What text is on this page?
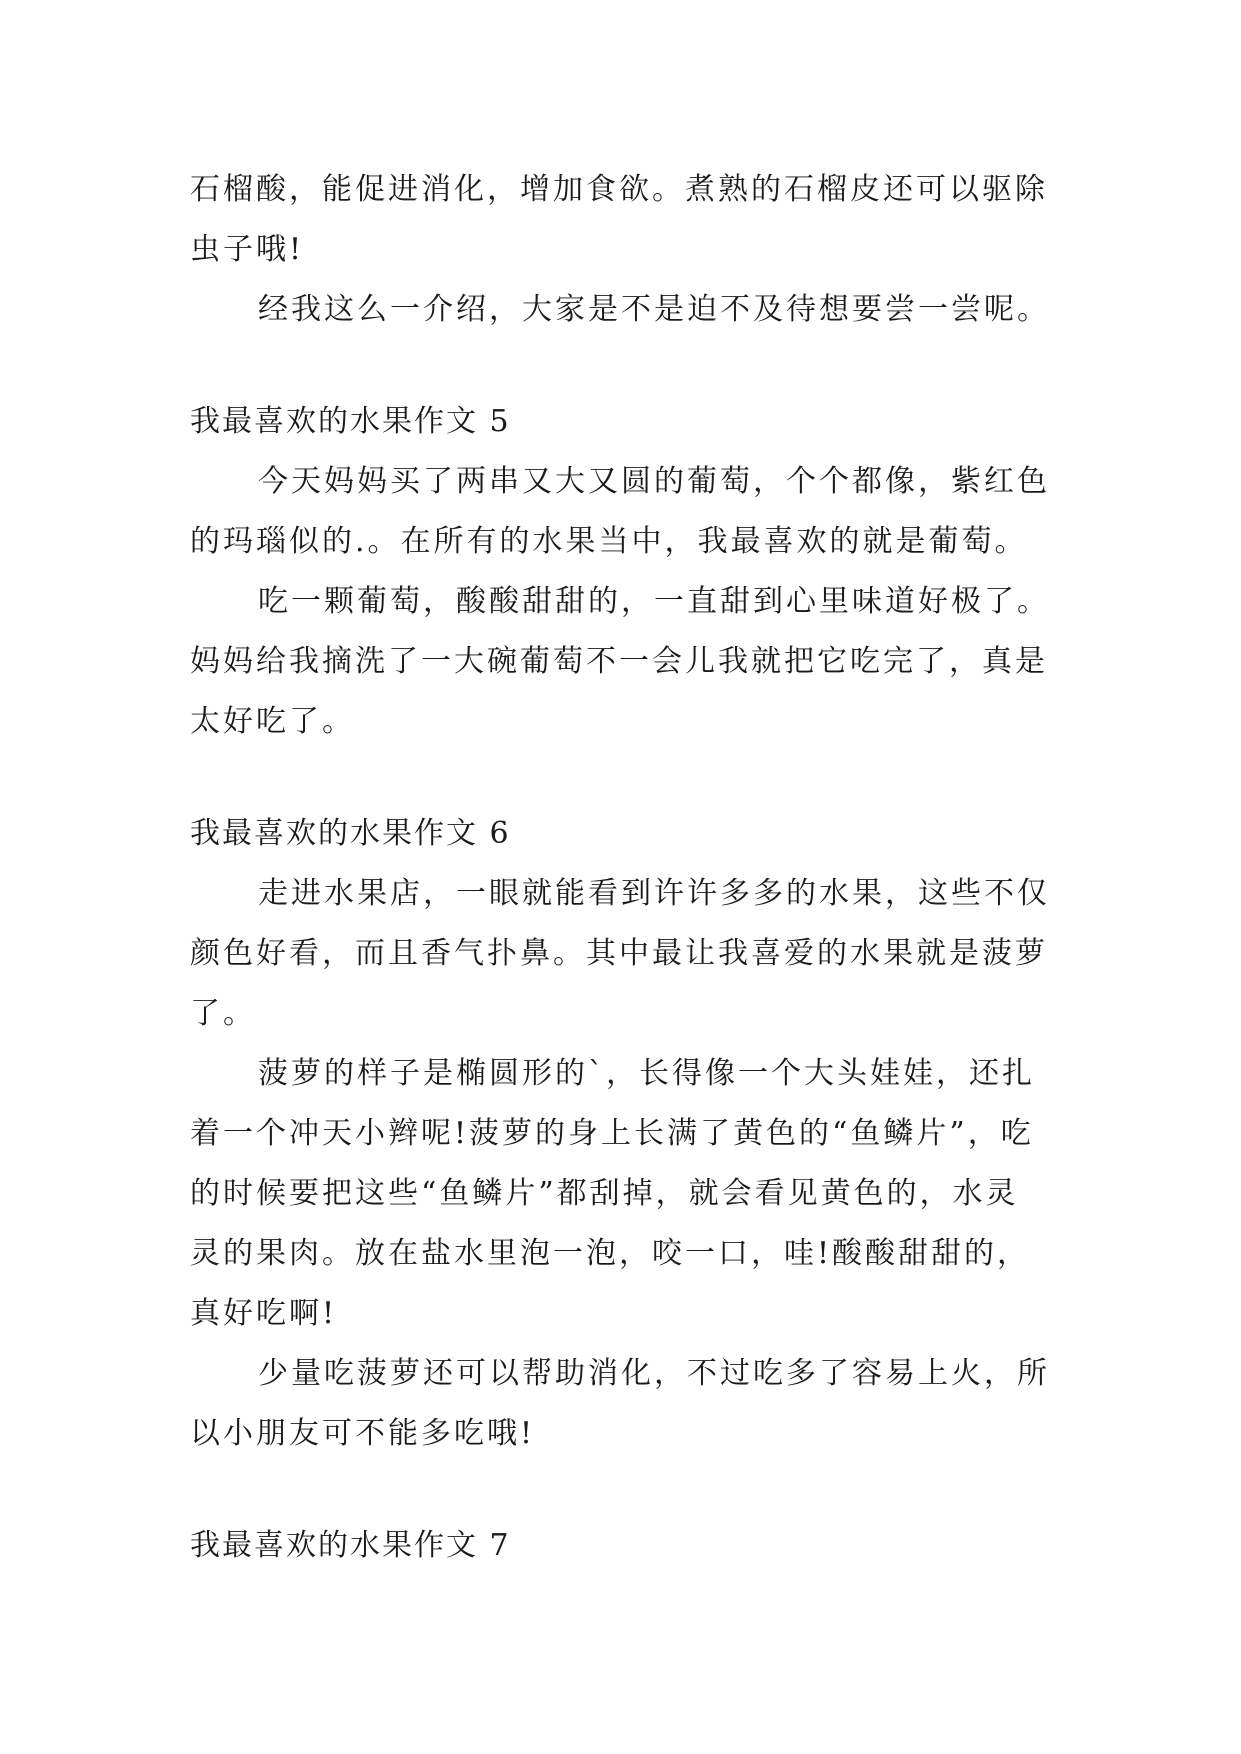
石榴酸，能促进消化，增加食欲。煮熟的石榴皮还可以驱除
虫子哦!
经我这么一介绍，大家是不是迫不及待想要尝一尝呢。
我最喜欢的水果作文 5
今天妈妈买了两串又大又圆的葡萄，个个都像，紫红色
的玛瑙似的.。在所有的水果当中，我最喜欢的就是葡萄。
吃一颗葡萄，酸酸甜甜的，一直甜到心里味道好极了。
妈妈给我摘洗了一大碗葡萄不一会儿我就把它吃完了，真是
太好吃了。
我最喜欢的水果作文 6
走进水果店，一眼就能看到许许多多的水果，这些不仅
颜色好看，而且香气扑鼻。其中最让我喜爱的水果就是菠萝
了。
菠萝的样子是椭圆形的`，长得像一个大头娃娃，还扎
着一个冲天小辫呢!菠萝的身上长满了黄色的“鱼鳞片”，吃
的时候要把这些“鱼鳞片”都刮掉，就会看见黄色的，水灵
灵的果肉。放在盐水里泡一泡，咬一口，哇!酸酸甜甜的，
真好吃啊!
少量吃菠萝还可以帮助消化，不过吃多了容易上火，所
以小朋友可不能多吃哦!
我最喜欢的水果作文 7
